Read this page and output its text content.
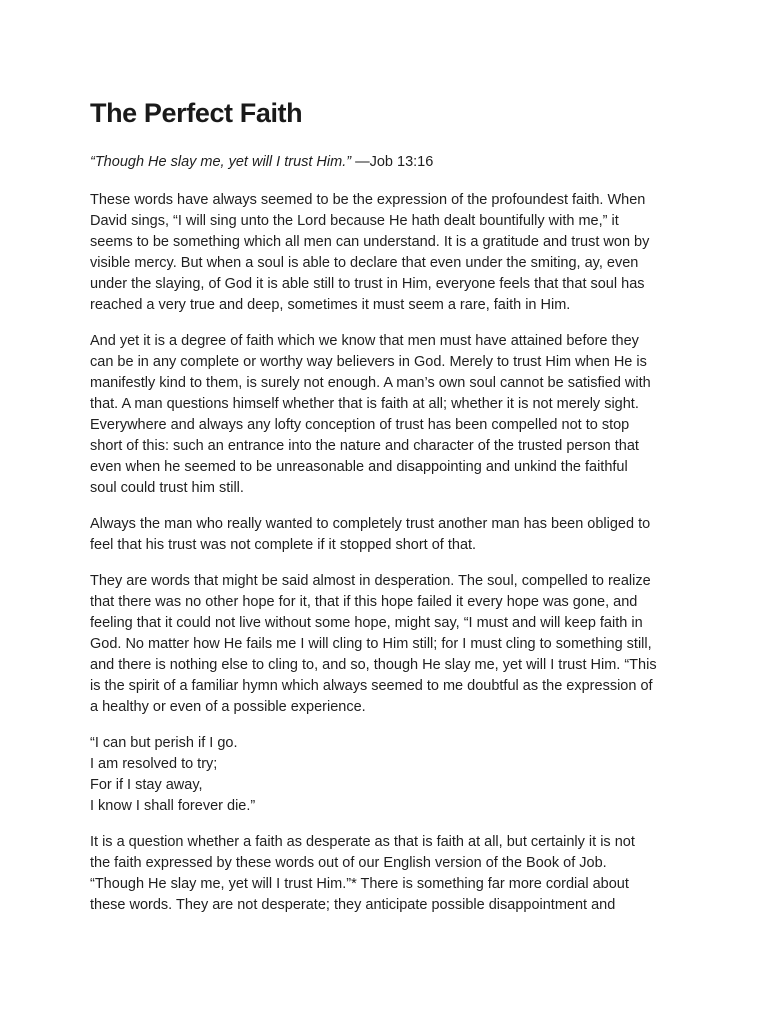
The Perfect Faith

“Though He slay me, yet will I trust Him.” —Job 13:16

These words have always seemed to be the expression of the profoundest faith. When David sings, “I will sing unto the Lord because He hath dealt bountifully with me,” it seems to be something which all men can understand. It is a gratitude and trust won by visible mercy. But when a soul is able to declare that even under the smiting, ay, even under the slaying, of God it is able still to trust in Him, everyone feels that that soul has reached a very true and deep, sometimes it must seem a rare, faith in Him.

And yet it is a degree of faith which we know that men must have attained before they can be in any complete or worthy way believers in God. Merely to trust Him when He is manifestly kind to them, is surely not enough. A man’s own soul cannot be satisfied with that. A man questions himself whether that is faith at all; whether it is not merely sight. Everywhere and always any lofty conception of trust has been compelled not to stop short of this: such an entrance into the nature and character of the trusted person that even when he seemed to be unreasonable and disappointing and unkind the faithful soul could trust him still.

Always the man who really wanted to completely trust another man has been obliged to feel that his trust was not complete if it stopped short of that.

They are words that might be said almost in desperation. The soul, compelled to realize that there was no other hope for it, that if this hope failed it every hope was gone, and feeling that it could not live without some hope, might say, “I must and will keep faith in God. No matter how He fails me I will cling to Him still; for I must cling to something still, and there is nothing else to cling to, and so, though He slay me, yet will I trust Him. “This is the spirit of a familiar hymn which always seemed to me doubtful as the expression of a healthy or even of a possible experience.

“I can but perish if I go.
I am resolved to try;
For if I stay away,
I know I shall forever die.”

It is a question whether a faith as desperate as that is faith at all, but certainly it is not the faith expressed by these words out of our English version of the Book of Job. “Though He slay me, yet will I trust Him.”* There is something far more cordial about these words. They are not desperate; they anticipate possible disappointment and
